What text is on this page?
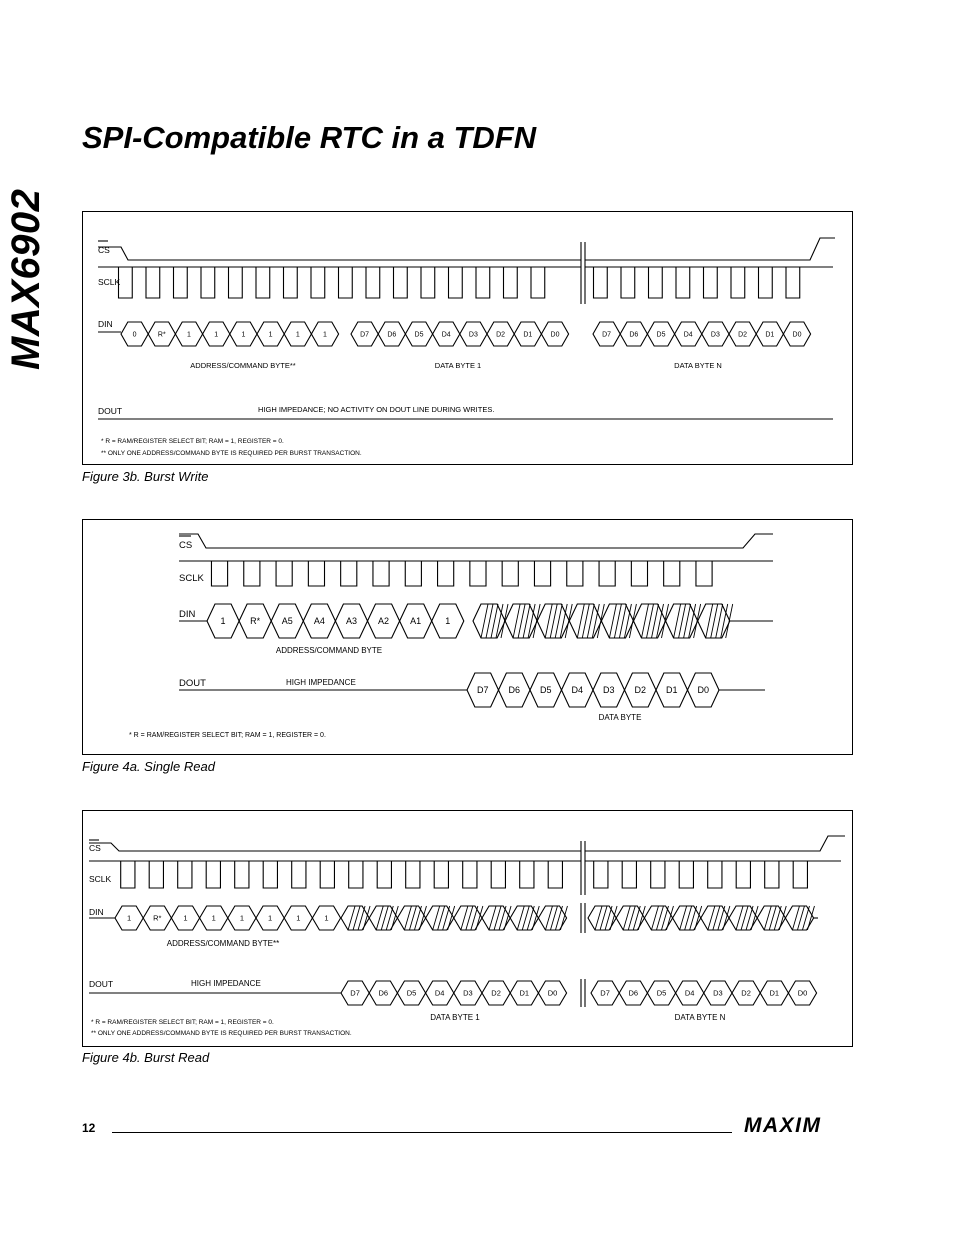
MAX6902
SPI-Compatible RTC in a TDFN
CS
SCLK
DIN
0	R*	1	1	1	1	1	1	D7	D6	D5	D4	D3	D2	D1	D0	D7	D6	D5	D4	D3	D2	D1	D0
ADDRESS/COMMAND BYTE**	DATA BYTE 1	DATA BYTE N
DOUT	HIGH IMPEDANCE; NO ACTIVITY ON DOUT LINE DURING WRITES.
* R = RAM/REGISTER SELECT BIT; RAM = 1, REGISTER = 0.
** ONLY ONE ADDRESS/COMMAND BYTE IS REQUIRED PER BURST TRANSACTION.
Figure 3b. Burst Write
CS
SCLK
DIN
1	R* A5 A4 A3 A2 A1	1
ADDRESS/COMMAND BYTE
DOUT	HIGH IMPEDANCE
D7 D6 D5 D4 D3 D2 D1 D0
DATA BYTE
* R = RAM/REGISTER SELECT BIT; RAM = 1, REGISTER = 0.
Figure 4a. Single Read
CS
SCLK
DIN
1	R*	1	1	1	1	1	1
ADDRESS/COMMAND BYTE**
DOUT	HIGH IMPEDANCE
D7 D6 D5 D4 D3 D2 D1 D0	D7 D6 D5 D4 D3 D2 D1 D0
DATA BYTE 1	DATA BYTE N
* R = RAM/REGISTER SELECT BIT; RAM = 1, REGISTER = 0.
** ONLY ONE ADDRESS/COMMAND BYTE IS REQUIRED PER BURST TRANSACTION.
Figure 4b. Burst Read
12	MAXIM
